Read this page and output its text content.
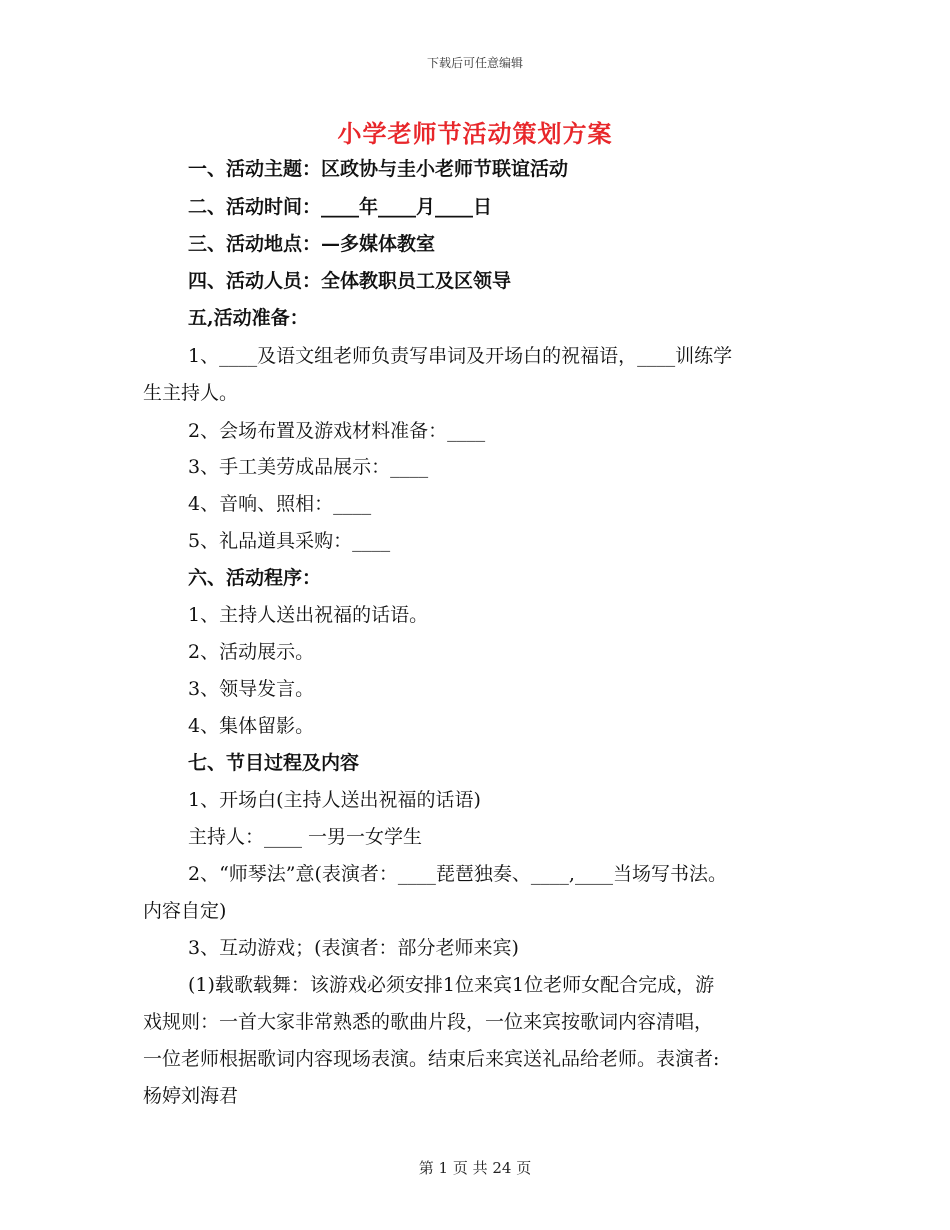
下载后可任意编辑
小学老师节活动策划方案
一、活动主题：区政协与圭小老师节联谊活动
二、活动时间：____年____月____日
三、活动地点：—多媒体教室
四、活动人员：全体教职员工及区领导
五,活动准备：
1、____及语文组老师负责写串词及开场白的祝福语，____训练学
生主持人。
2、会场布置及游戏材料准备：____
3、手工美劳成品展示：____
4、音响、照相：____
5、礼品道具采购：____
六、活动程序：
1、主持人送出祝福的话语。
2、活动展示。
3、领导发言。
4、集体留影。
七、节目过程及内容
1、开场白(主持人送出祝福的话语)
主持人：____ 一男一女学生
2、“师琴法”意(表演者：____琵琶独奏、____,____当场写书法。
内容自定)
3、互动游戏；(表演者：部分老师来宾)
(1)载歌载舞：该游戏必须安排1位来宾1位老师女配合完成，游
戏规则：一首大家非常熟悉的歌曲片段，一位来宾按歌词内容清唱，
一位老师根据歌词内容现场表演。结束后来宾送礼品给老师。表演者:
杨婷刘海君
第 1 页 共 24 页
